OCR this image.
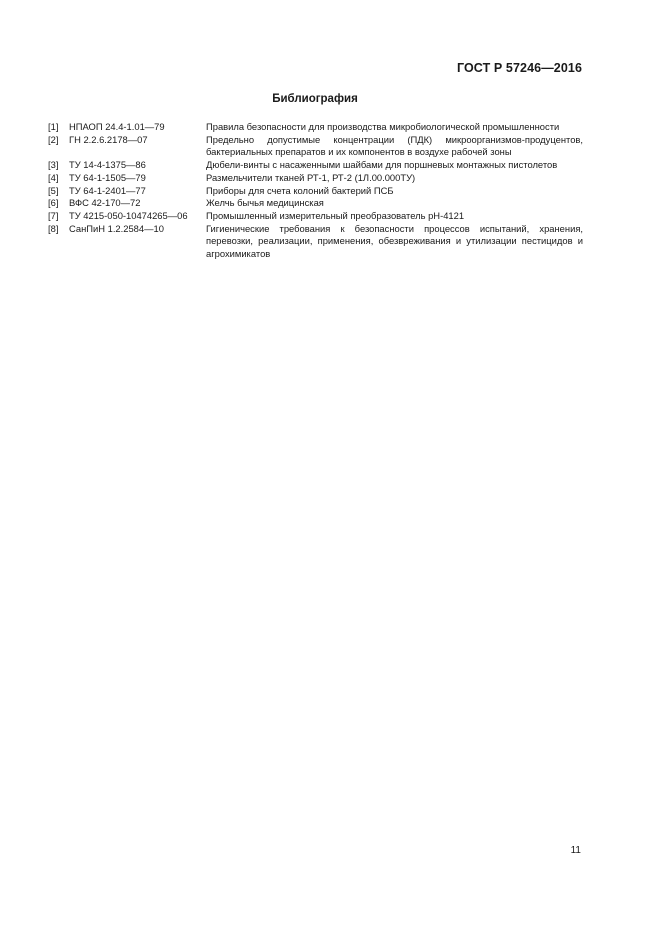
ГОСТ Р 57246—2016
Библиография
[1]	НПАОП 24.4-1.01—79	Правила безопасности для производства микробиологической промышленности
[2]	ГН 2.2.6.2178—07	Предельно допустимые концентрации (ПДК) микроорганизмов-продуцентов, бактериальных препаратов и их компонентов в воздухе рабочей зоны
[3]	ТУ 14-4-1375—86	Дюбели-винты с насаженными шайбами для поршневых монтажных пистолетов
[4]	ТУ 64-1-1505—79	Размельчители тканей РТ-1, РТ-2 (1Л.00.000ТУ)
[5]	ТУ 64-1-2401—77	Приборы для счета колоний бактерий ПСБ
[6]	ВФС 42-170—72	Желчь бычья медицинская
[7]	ТУ 4215-050-10474265—06	Промышленный измерительный преобразователь рН-4121
[8]	СанПиН 1.2.2584—10	Гигиенические требования к безопасности процессов испытаний, хранения, перевозки, реализации, применения, обезвреживания и утилизации пестицидов и агрохимикатов
11
